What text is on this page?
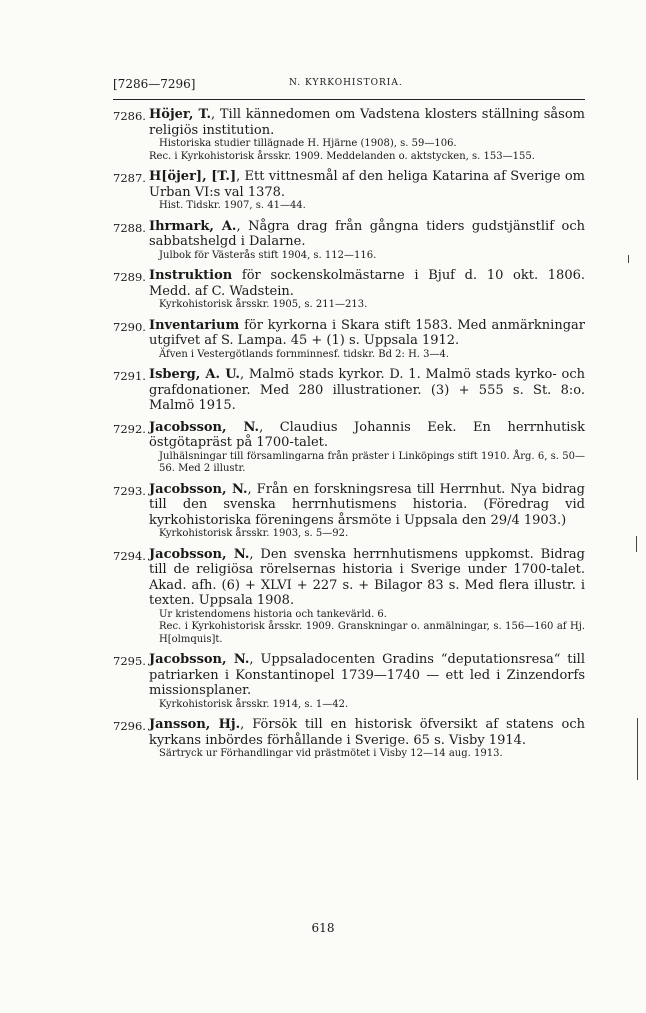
[7286—7296]	N. KYRKOHISTORIA.
7286. Höjer, T., Till kännedomen om Vadstena klosters ställning såsom religiös institution.
Historiska studier tillägnade H. Hjärne (1908), s. 59—106.
Rec. i Kyrkohistorisk årsskr. 1909. Meddelanden o. aktstycken, s. 153—155.
7287. H[öjer], [T.], Ett vittnesmål af den heliga Katarina af Sverige om Urban VI:s val 1378.
Hist. Tidskr. 1907, s. 41—44.
7288. Ihrmark, A., Några drag från gångna tiders gudstjänstlif och sabbatshelgd i Dalarne.
Julbok för Västerås stift 1904, s. 112—116.
7289. Instruktion för sockenskolmästarne i Bjuf d. 10 okt. 1806. Medd. af C. Wadstein.
Kyrkohistorisk årsskr. 1905, s. 211—213.
7290. Inventarium för kyrkorna i Skara stift 1583. Med anmärkningar utgifvet af S. Lampa. 45 + (1) s. Uppsala 1912.
Äfven i Vestergötlands fornminnesf. tidskr. Bd 2: H. 3—4.
7291. Isberg, A. U., Malmö stads kyrkor. D. 1. Malmö stads kyrko- och grafdonationer. Med 280 illustrationer. (3) + 555 s. St. 8:o. Malmö 1915.
7292. Jacobsson, N., Claudius Johannis Eek. En herrnhutisk östgötapräst på 1700-talet.
Julhälsningar till församlingarna från präster i Linköpings stift 1910. Årg. 6, s. 50—56. Med 2 illustr.
7293. Jacobsson, N., Från en forskningsresa till Herrnhut. Nya bidrag till den svenska herrnhutismens historia. (Föredrag vid kyrkohistoriska föreningens årsmöte i Uppsala den 29/4 1903.)
Kyrkohistorisk årsskr. 1903, s. 5—92.
7294. Jacobsson, N., Den svenska herrnhutismens uppkomst. Bidrag till de religiösa rörelsernas historia i Sverige under 1700-talet. Akad. afh. (6) + XLVI + 227 s. + Bilagor 83 s. Med flera illustr. i texten. Uppsala 1908.
Ur kristendomens historia och tankevärld. 6.
Rec. i Kyrkohistorisk årsskr. 1909. Granskningar o. anmälningar, s. 156—160 af Hj. H[olmquis]t.
7295. Jacobsson, N., Uppsaladocenten Gradins “deputationsresa“ till patriarken i Konstantinopel 1739—1740 — ett led i Zinzendorfs missionsplaner.
Kyrkohistorisk årsskr. 1914, s. 1—42.
7296. Jansson, Hj., Försök till en historisk öfversikt af statens och kyrkans inbördes förhållande i Sverige. 65 s. Visby 1914.
Särtryck ur Förhandlingar vid prästmötet i Visby 12—14 aug. 1913.
618
